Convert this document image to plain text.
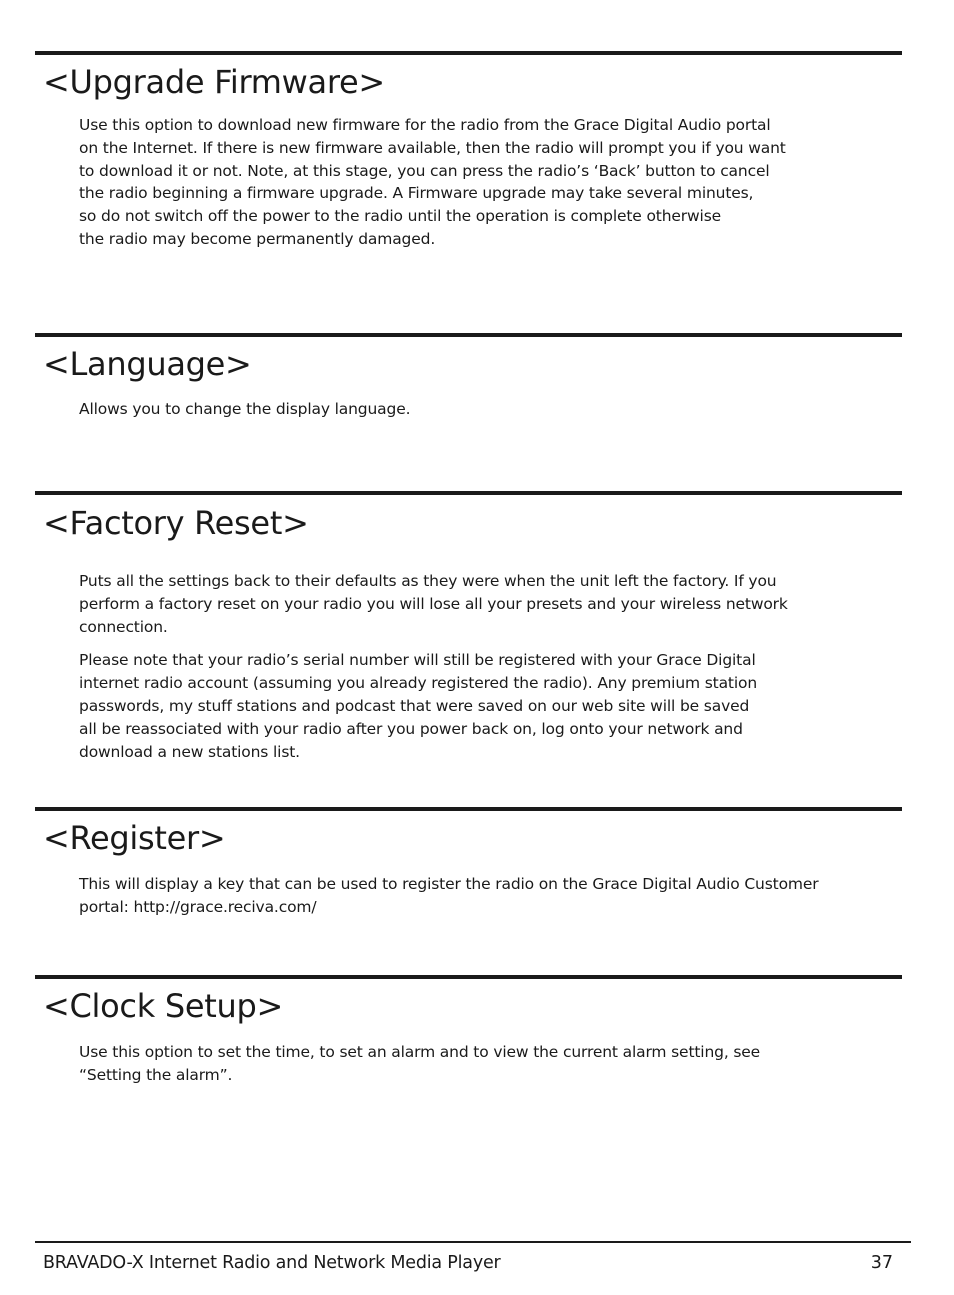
<Upgrade Firmware>

Use this option to download new firmware for the radio from the Grace Digital Audio portal
on the Internet. If there is new firmware available, then the radio will prompt you if you want
to download it or not. Note, at this stage, you can press the radio’s ‘Back’ button to cancel
the radio beginning a firmware upgrade. A Firmware upgrade may take several minutes,
so do not switch off the power to the radio until the operation is complete otherwise
the radio may become permanently damaged.

<Language>

Allows you to change the display language.

<Factory Reset>

Puts all the settings back to their defaults as they were when the unit left the factory. If you
perform a factory reset on your radio you will lose all your presets and your wireless network
connection.

Please note that your radio’s serial number will still be registered with your Grace Digital
internet radio account (assuming you already registered the radio). Any premium station
passwords, my stuff stations and podcast that were saved on our web site will be saved
all be reassociated with your radio after you power back on, log onto your network and
download a new stations list.

<Register>

This will display a key that can be used to register the radio on the Grace Digital Audio Customer
portal: http://grace.reciva.com/

<Clock Setup>

Use this option to set the time, to set an alarm and to view the current alarm setting, see
“Setting the alarm”.

BRAVADO-X Internet Radio and Network Media Player	37
